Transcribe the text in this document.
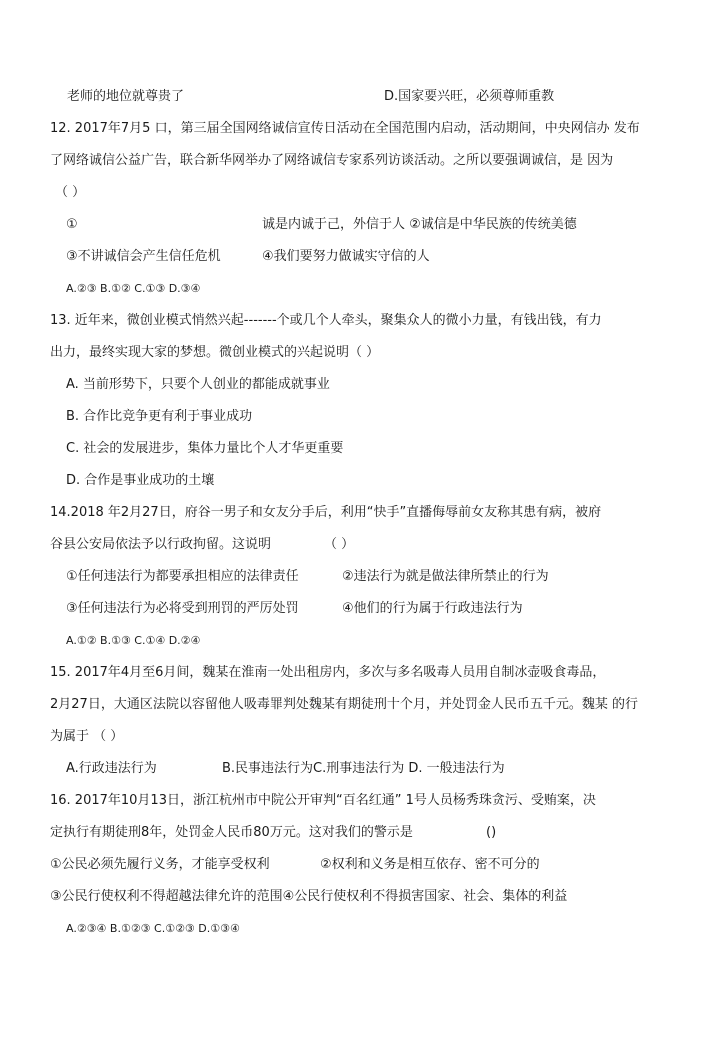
老师的地位就尊贵了	D.国家要兴旺，必须尊师重教
12. 2017年7月5 口，第三届全国网络诚信宣传日活动在全国范围内启动，活动期间，中央网信办 发布
了网络诚信公益广告，联合新华网举办了网络诚信专家系列访谈活动。之所以要强调诚信，是 因为
（ ）
①	诚是内诚于己，外信于人 ②诚信是中华民族的传统美德
③不讲诚信会产生信任危机	④我们要努力做诚实守信的人
A.②③ B.①② C.①③ D.③④
13. 近年来，微创业模式悄然兴起-------个或几个人牵头，聚集众人的微小力量，有钱出钱，有力
出力，最终实现大家的梦想。微创业模式的兴起说明（ ）
A. 当前形势下，只要个人创业的都能成就事业
B. 合作比竞争更有利于事业成功
C. 社会的发展进步，集体力量比个人才华更重要
D. 合作是事业成功的土壤
14.2018 年2月27日，府谷一男子和女友分手后，利用“快手”直播侮辱前女友称其患有病，被府
谷县公安局依法予以行政拘留。这说明	（ ）
①任何违法行为都要承担相应的法律责任	②违法行为就是做法律所禁止的行为
③任何违法行为必将受到刑罚的严厉处罚	④他们的行为属于行政违法行为
A.①② B.①③ C.①④ D.②④
15. 2017年4月至6月间，魏某在淮南一处出租房内，多次与多名吸毒人员用自制冰壶吸食毒品，
2月27日，大通区法院以容留他人吸毒罪判处魏某有期徒刑十个月，并处罚金人民币五千元。魏某 的行
为属于 （ ）
A.行政违法行为	B.民事违法行为C.刑事违法行为 D. 一般违法行为
16. 2017年10月13日，浙江杭州市中院公开审判“百名红通” 1号人员杨秀珠贪污、受贿案，决
定执行有期徒刑8年，处罚金人民币80万元。这对我们的警示是	()
①公民必须先履行义务，才能享受权利	②权利和义务是相互依存、密不可分的
③公民行使权利不得超越法律允许的范围④公民行使权利不得损害国家、社会、集体的利益
A.②③④ B.①②③ C.①②③ D.①③④
